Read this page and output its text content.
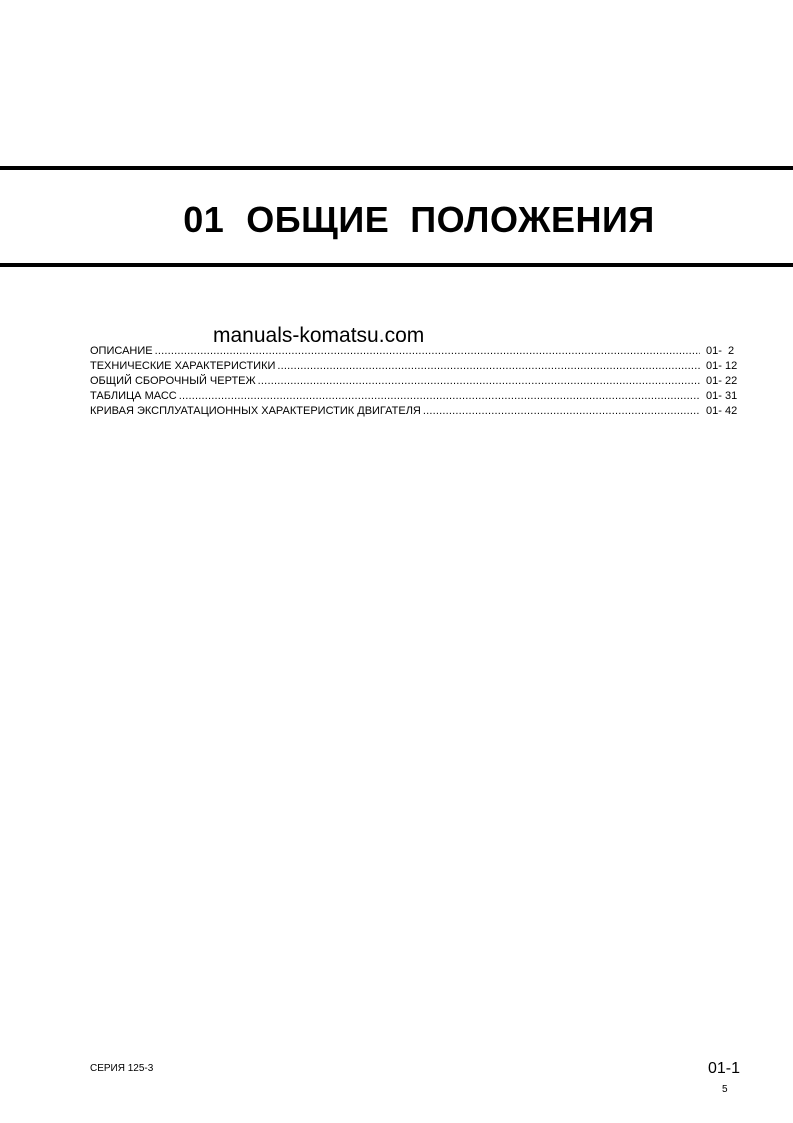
01 ОБЩИЕ  ПОЛОЖЕНИЯ
manuals-komatsu.com
ОПИСАНИЕ .....	01-  2
ТЕХНИЧЕСКИЕ ХАРАКТЕРИСТИКИ .....	01- 12
ОБЩИЙ СБОРОЧНЫЙ ЧЕРТЕЖ .....	01- 22
ТАБЛИЦА МАСС .....	01- 31
КРИВАЯ ЭКСПЛУАТАЦИОННЫХ ХАРАКТЕРИСТИК ДВИГАТЕЛЯ .....	01- 42
СЕРИЯ 125-3	01-1
5
